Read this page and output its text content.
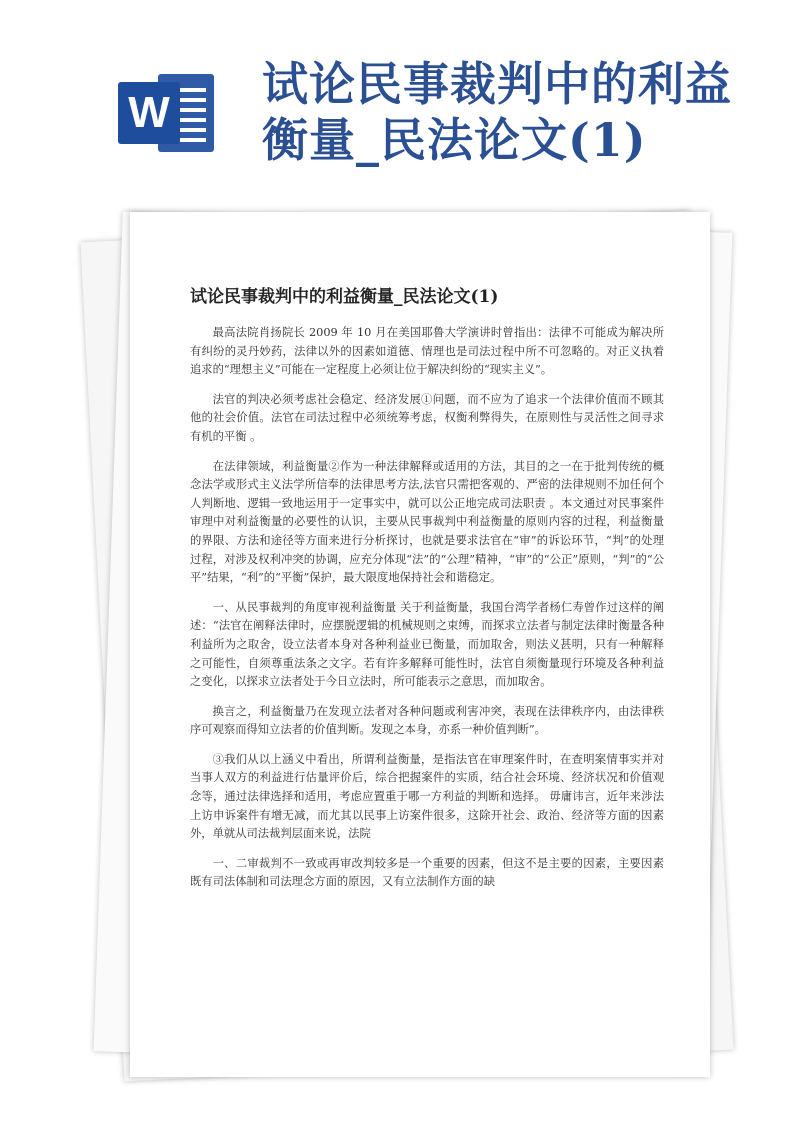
W
试论民事裁判中的利益衡量_民法论文(1)
试论民事裁判中的利益衡量_民法论文(1)

最高法院肖扬院长 2009 年 10 月在美国耶鲁大学演讲时曾指出：法律不可能成为解决所有纠纷的灵丹妙药，法律以外的因素如道德、情理也是司法过程中所不可忽略的。对正义执着追求的“理想主义”可能在一定程度上必须让位于解决纠纷的“现实主义”。

法官的判决必须考虑社会稳定、经济发展①问题，而不应为了追求一个法律价值而不顾其他的社会价值。法官在司法过程中必须统筹考虑，权衡利弊得失，在原则性与灵活性之间寻求有机的平衡 。

在法律领域，利益衡量②作为一种法律解释或适用的方法，其目的之一在于批判传统的概念法学或形式主义法学所信奉的法律思考方法,法官只需把客观的、严密的法律规则不加任何个人判断地、逻辑一致地运用于一定事实中，就可以公正地完成司法职责 。本文通过对民事案件审理中对利益衡量的必要性的认识，主要从民事裁判中利益衡量的原则内容的过程，利益衡量的界限、方法和途径等方面来进行分析探讨，也就是要求法官在“审”的诉讼环节，“判”的处理过程，对涉及权利冲突的协调，应充分体现“法”的“公理”精神，“审”的“公正”原则，“判”的“公平”结果，“利”的“平衡”保护，最大限度地保持社会和谐稳定。

一、从民事裁判的角度审视利益衡量 关于利益衡量，我国台湾学者杨仁寿曾作过这样的阐述：“法官在阐释法律时，应摆脱逻辑的机械规则之束缚，而探求立法者与制定法律时衡量各种利益所为之取舍，设立法者本身对各种利益业已衡量，而加取舍，则法义甚明，只有一种解释之可能性，自须尊重法条之文字。若有许多解释可能性时，法官自须衡量现行环境及各种利益之变化，以探求立法者处于今日立法时，所可能表示之意思，而加取舍。

换言之，利益衡量乃在发现立法者对各种问题或利害冲突，表现在法律秩序内，由法律秩序可观察而得知立法者的价值判断。发现之本身，亦系一种价值判断”。

③我们从以上涵义中看出，所谓利益衡量，是指法官在审理案件时，在查明案情事实并对当事人双方的利益进行估量评价后，综合把握案件的实质，结合社会环境、经济状况和价值观念等，通过法律选择和适用，考虑应置重于哪一方利益的判断和选择。 毋庸讳言，近年来涉法上访申诉案件有增无减，而尤其以民事上访案件很多，这除开社会、政治、经济等方面的因素外，单就从司法裁判层面来说，法院

一、二审裁判不一致或再审改判较多是一个重要的因素，但这不是主要的因素，主要因素既有司法体制和司法理念方面的原因，又有立法制作方面的缺
